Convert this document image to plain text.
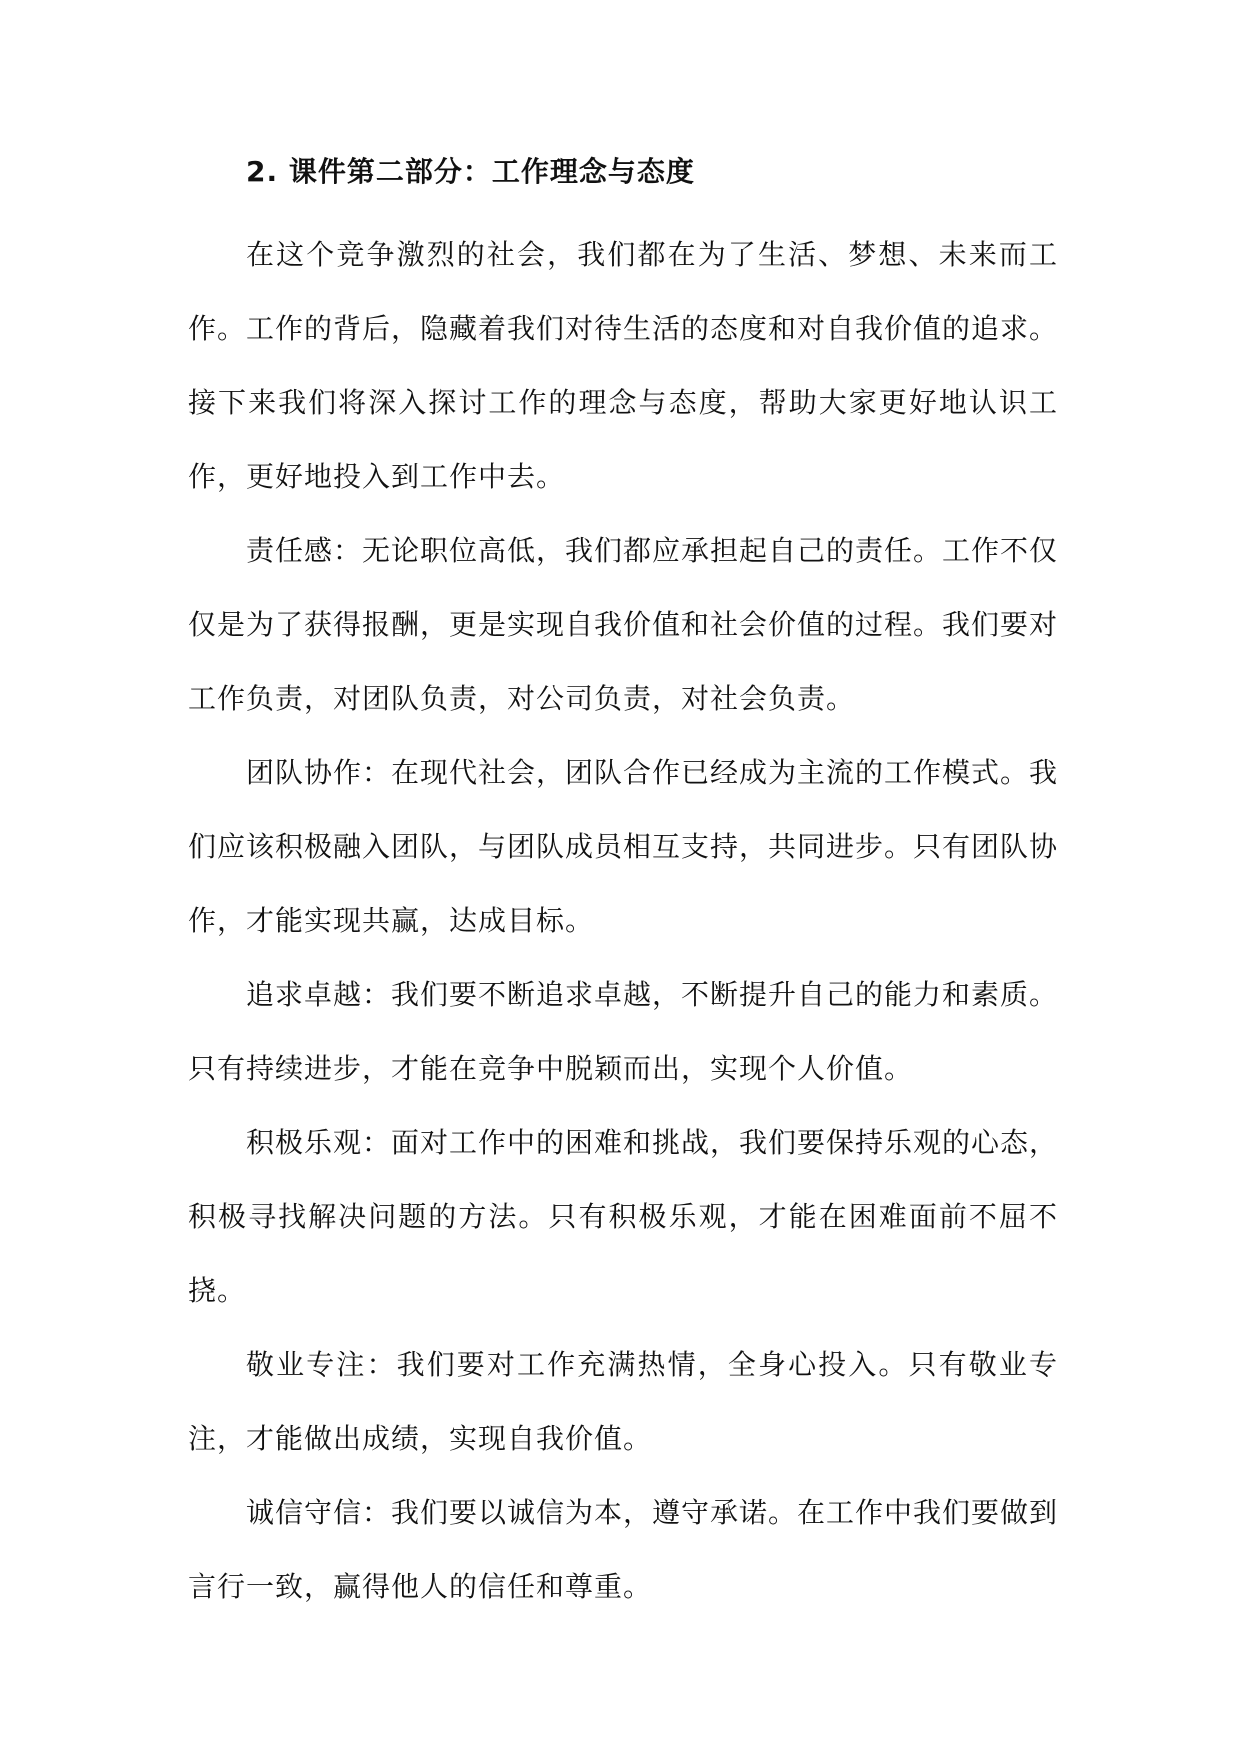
2. 课件第二部分：工作理念与态度

在这个竞争激烈的社会，我们都在为了生活、梦想、未来而工作。工作的背后，隐藏着我们对待生活的态度和对自我价值的追求。接下来我们将深入探讨工作的理念与态度，帮助大家更好地认识工作，更好地投入到工作中去。

责任感：无论职位高低，我们都应承担起自己的责任。工作不仅仅是为了获得报酬，更是实现自我价值和社会价值的过程。我们要对工作负责，对团队负责，对公司负责，对社会负责。

团队协作：在现代社会，团队合作已经成为主流的工作模式。我们应该积极融入团队，与团队成员相互支持，共同进步。只有团队协作，才能实现共赢，达成目标。

追求卓越：我们要不断追求卓越，不断提升自己的能力和素质。只有持续进步，才能在竞争中脱颖而出，实现个人价值。

积极乐观：面对工作中的困难和挑战，我们要保持乐观的心态，积极寻找解决问题的方法。只有积极乐观，才能在困难面前不屈不挠。

敬业专注：我们要对工作充满热情，全身心投入。只有敬业专注，才能做出成绩，实现自我价值。

诚信守信：我们要以诚信为本，遵守承诺。在工作中我们要做到言行一致，赢得他人的信任和尊重。
